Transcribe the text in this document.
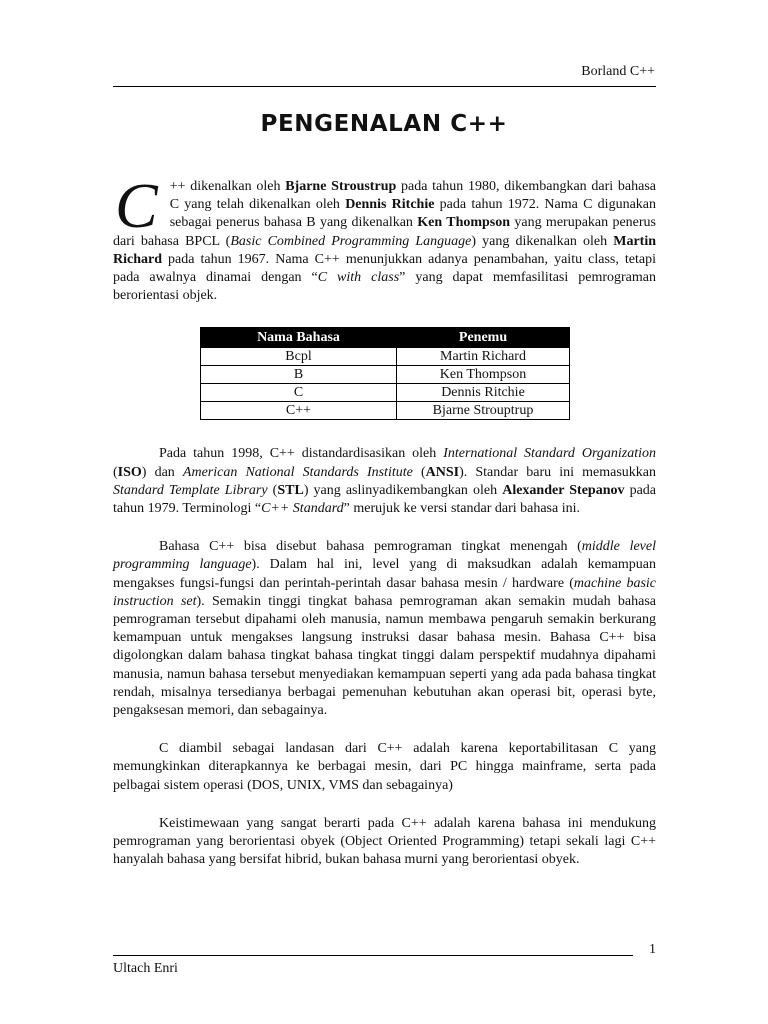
Borland C++
PENGENALAN C++

C ++ dikenalkan oleh Bjarne Stroustrup pada tahun 1980, dikembangkan dari bahasa C yang telah dikenalkan oleh Dennis Ritchie pada tahun 1972. Nama C digunakan sebagai penerus bahasa B yang dikenalkan Ken Thompson yang merupakan penerus dari bahasa BPCL (Basic Combined Programming Language) yang dikenalkan oleh Martin Richard pada tahun 1967. Nama C++ menunjukkan adanya penambahan, yaitu class, tetapi pada awalnya dinamai dengan “C with class” yang dapat memfasilitasi pemrograman berorientasi objek.

Nama Bahasa	Penemu
Bcpl	Martin Richard
B	Ken Thompson
C	Dennis Ritchie
C++	Bjarne Strouptrup

Pada tahun 1998, C++ distandardisasikan oleh International Standard Organization (ISO) dan American National Standards Institute (ANSI). Standar baru ini memasukkan Standard Template Library (STL) yang aslinyadikembangkan oleh Alexander Stepanov pada tahun 1979. Terminologi “C++ Standard” merujuk ke versi standar dari bahasa ini.

Bahasa C++ bisa disebut bahasa pemrograman tingkat menengah (middle level programming language). Dalam hal ini, level yang di maksudkan adalah kemampuan mengakses fungsi-fungsi dan perintah-perintah dasar bahasa mesin / hardware (machine basic instruction set). Semakin tinggi tingkat bahasa pemrograman akan semakin mudah bahasa pemrograman tersebut dipahami oleh manusia, namun membawa pengaruh semakin berkurang kemampuan untuk mengakses langsung instruksi dasar bahasa mesin. Bahasa C++ bisa digolongkan dalam bahasa tingkat bahasa tingkat tinggi dalam perspektif mudahnya dipahami manusia, namun bahasa tersebut menyediakan kemampuan seperti yang ada pada bahasa tingkat rendah, misalnya tersedianya berbagai pemenuhan kebutuhan akan operasi bit, operasi byte, pengaksesan memori, dan sebagainya.

C diambil sebagai landasan dari C++ adalah karena keportabilitasan C yang memungkinkan diterapkannya ke berbagai mesin, dari PC hingga mainframe, serta pada pelbagai sistem operasi (DOS, UNIX, VMS dan sebagainya)

Keistimewaan yang sangat berarti pada C++ adalah karena bahasa ini mendukung pemrograman yang berorientasi obyek (Object Oriented Programming) tetapi sekali lagi C++ hanyalah bahasa yang bersifat hibrid, bukan bahasa murni yang berorientasi obyek.

1
Ultach Enri
